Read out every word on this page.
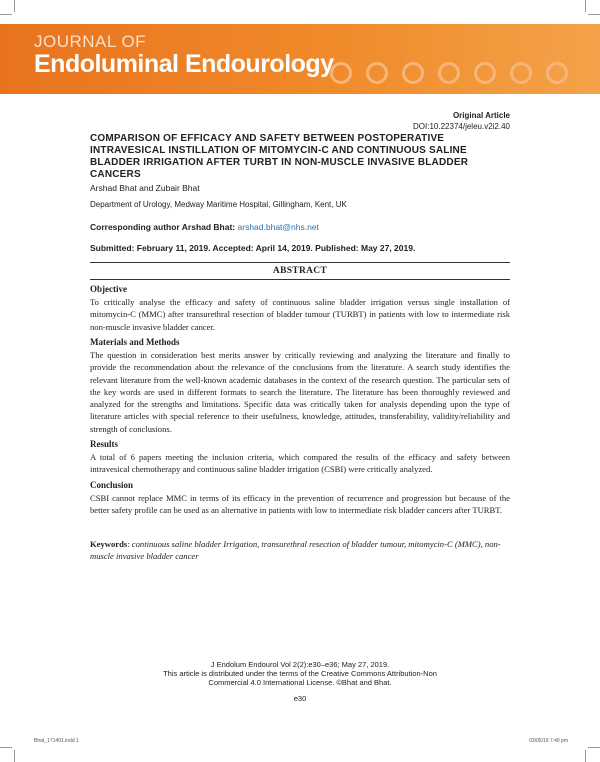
JOURNAL OF
Endoluminal Endourology
Original Article
DOI:10.22374/jeleu.v2i2.40
COMPARISON OF EFFICACY AND SAFETY BETWEEN POSTOPERATIVE INTRAVESICAL INSTILLATION OF MITOMYCIN-C AND CONTINUOUS SALINE BLADDER IRRIGATION AFTER TURBT IN NON-MUSCLE INVASIVE BLADDER CANCERS

Arshad Bhat and Zubair Bhat

Department of Urology, Medway Maritime Hospital, Gillingham, Kent, UK

Corresponding author Arshad Bhat: arshad.bhat@nhs.net

Submitted: February 11, 2019. Accepted: April 14, 2019. Published: May 27, 2019.

ABSTRACT
Objective

To critically analyse the efficacy and safety of continuous saline bladder irrigation versus single installation of mitomycin-C (MMC) after transurethral resection of bladder tumour (TURBT) in patients with low to intermediate risk non-muscle invasive bladder cancer.

Materials and Methods

The question in consideration best merits answer by critically reviewing and analyzing the literature and finally to provide the recommendation about the relevance of the conclusions from the literature. A search study identifies the relevant literature from the well-known academic databases in the context of the research question. The particular sets of the key words are used in different formats to search the literature. The literature has been thoroughly reviewed and analyzed for the strengths and limitations. Specific data was critically taken for analysis depending upon the type of literature articles with special reference to their usefulness, knowledge, attitudes, transferability, validity/reliability and strength of conclusions.

Results

A total of 6 papers meeting the inclusion criteria, which compared the results of the efficacy and safety between intravesical chemotherapy and continuous saline bladder irrigation (CSBI) were critically analyzed.

Conclusion

CSBI cannot replace MMC in terms of its efficacy in the prevention of recurrence and progression but because of the better safety profile can be used as an alternative in patients with low to intermediate risk bladder cancers after TURBT.

Keywords: continuous saline bladder Irrigation, transurethral resection of bladder tumour, mitomycin-C (MMC), non-muscle invasive bladder cancer
J Endolum Endourol Vol 2(2):e30–e36; May 27, 2019.
This article is distributed under the terms of the Creative Commons Attribution-Non
Commercial 4.0 International License. ©Bhat and Bhat.
e30
Bhat_171401.indd 1	03/05/19 7:40 pm
